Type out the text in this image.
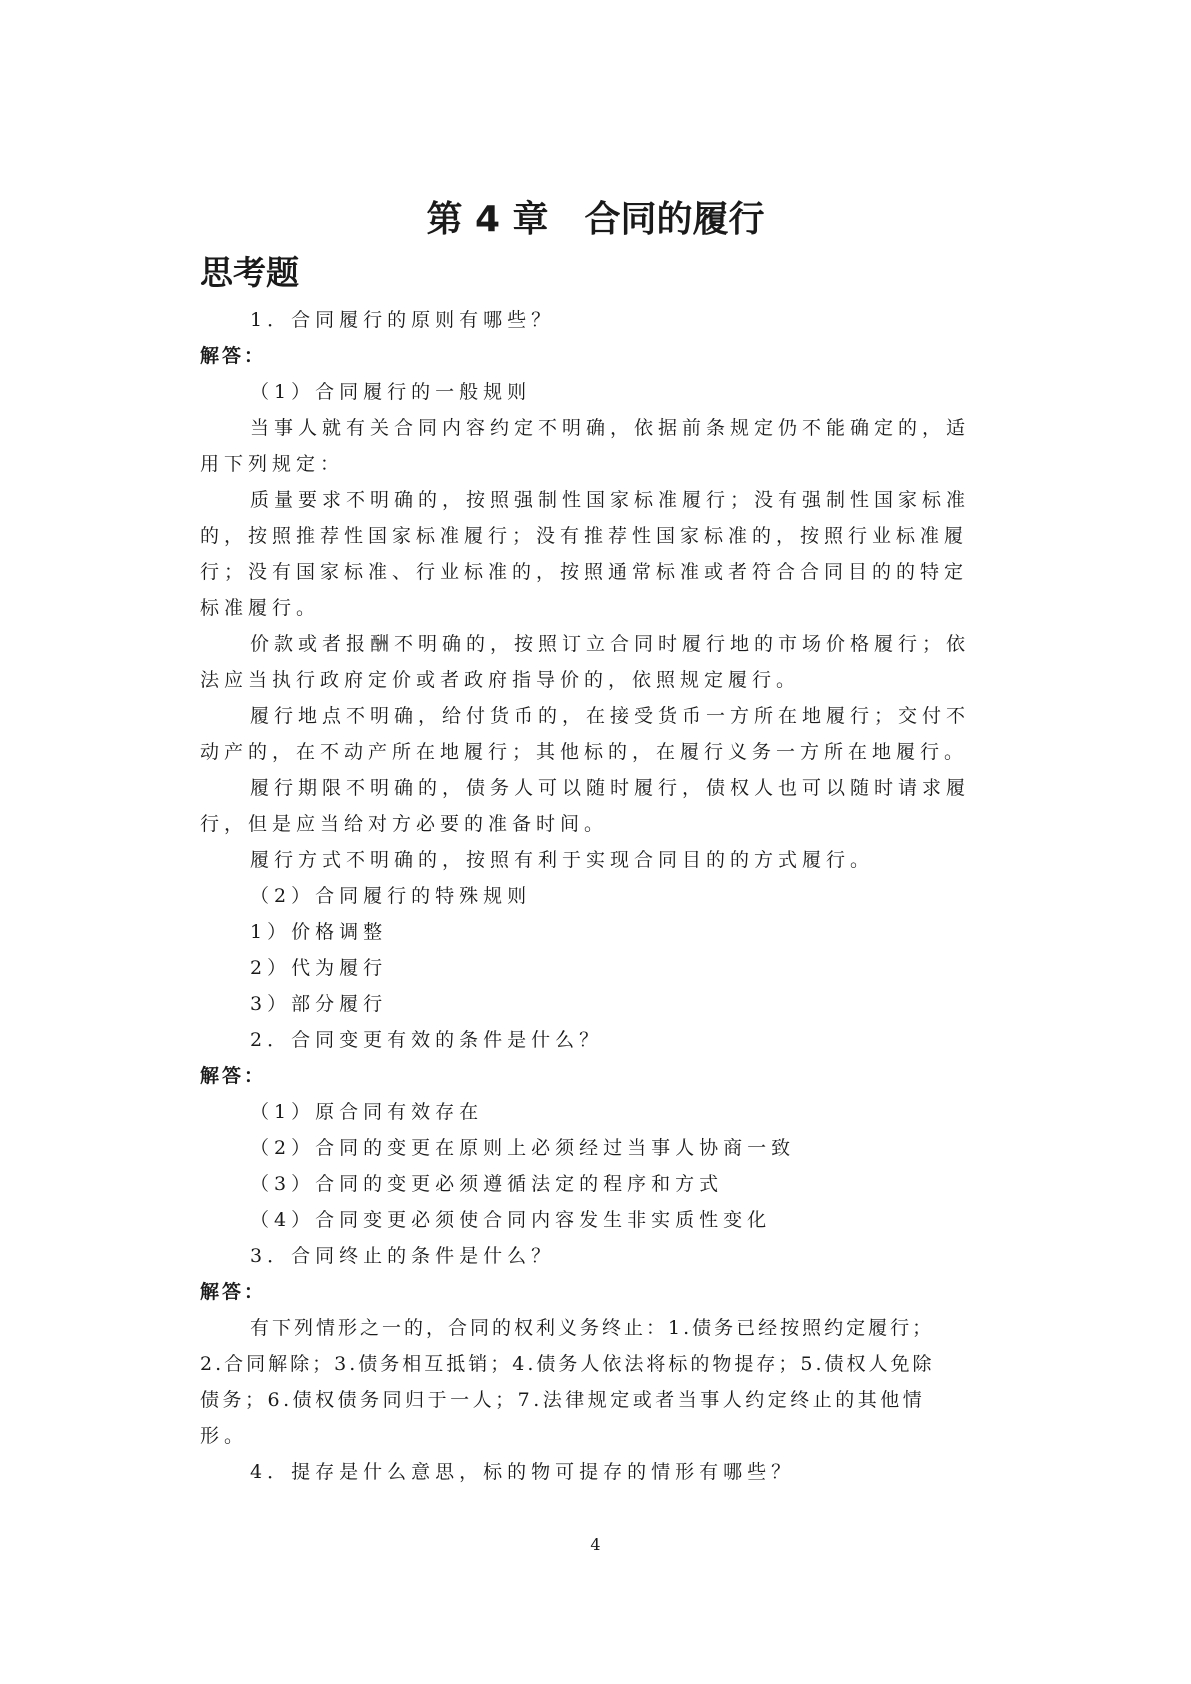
第 4 章　合同的履行
思考题

1．合同履行的原则有哪些？

解答：

（1）合同履行的一般规则

当事人就有关合同内容约定不明确，依据前条规定仍不能确定的，适

用下列规定：

质量要求不明确的，按照强制性国家标准履行；没有强制性国家标准

的，按照推荐性国家标准履行；没有推荐性国家标准的，按照行业标准履

行；没有国家标准、行业标准的，按照通常标准或者符合合同目的的特定

标准履行。

价款或者报酬不明确的，按照订立合同时履行地的市场价格履行；依

法应当执行政府定价或者政府指导价的，依照规定履行。

履行地点不明确，给付货币的，在接受货币一方所在地履行；交付不

动产的，在不动产所在地履行；其他标的，在履行义务一方所在地履行。

履行期限不明确的，债务人可以随时履行，债权人也可以随时请求履

行，但是应当给对方必要的准备时间。

履行方式不明确的，按照有利于实现合同目的的方式履行。

（2）合同履行的特殊规则

1）价格调整

2）代为履行

3）部分履行

2．合同变更有效的条件是什么？

解答：

（1）原合同有效存在

（2）合同的变更在原则上必须经过当事人协商一致

（3）合同的变更必须遵循法定的程序和方式

（4）合同变更必须使合同内容发生非实质性变化

3．合同终止的条件是什么？

解答：

有下列情形之一的，合同的权利义务终止：1.债务已经按照约定履行；

2.合同解除；3.债务相互抵销；4.债务人依法将标的物提存；5.债权人免除

债务；6.债权债务同归于一人；7.法律规定或者当事人约定终止的其他情

形。

4．提存是什么意思，标的物可提存的情形有哪些？

4
